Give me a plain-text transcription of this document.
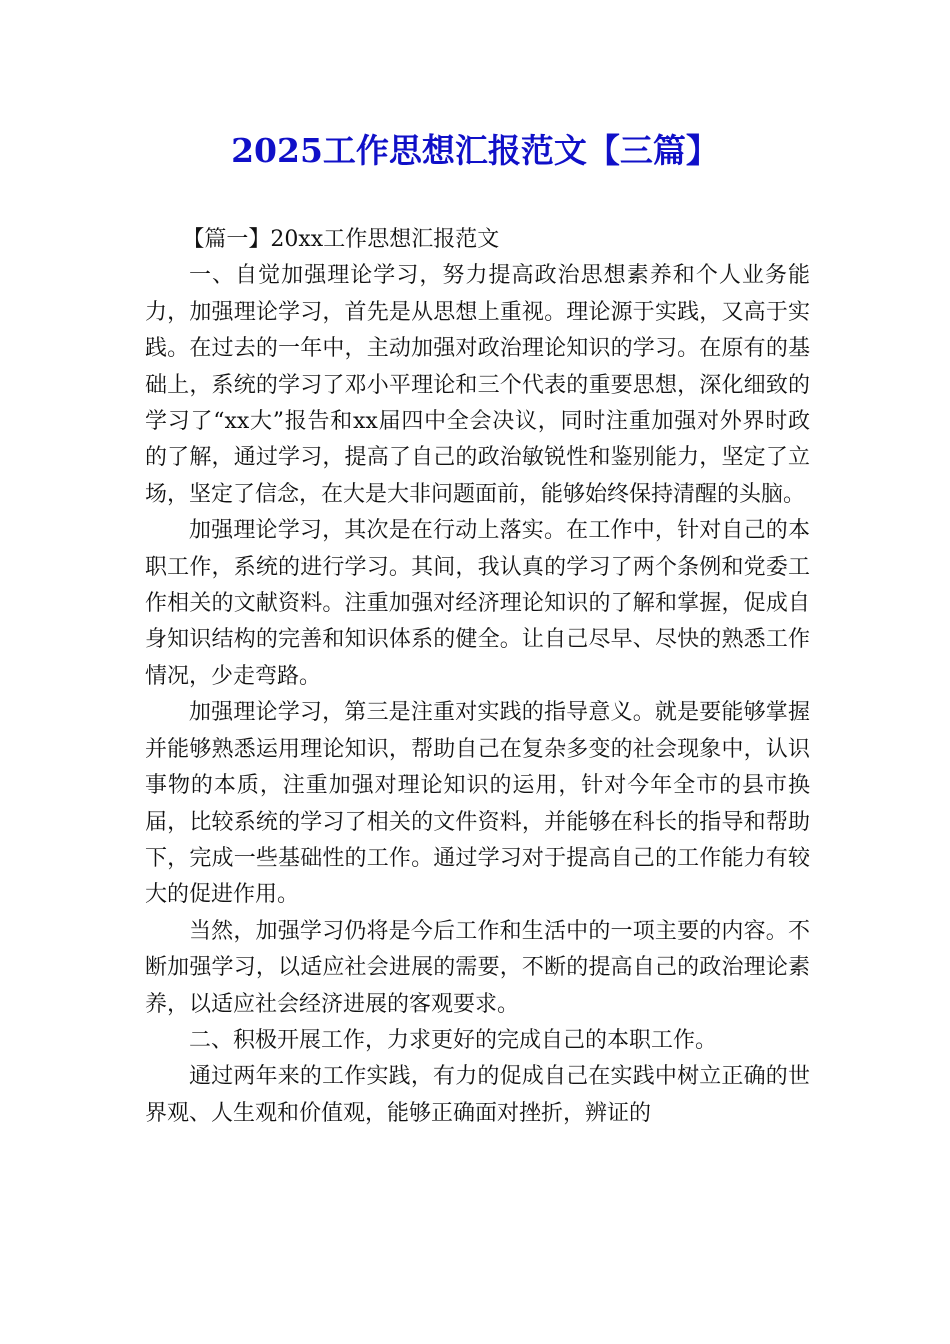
2025工作思想汇报范文【三篇】

【篇一】20xx工作思想汇报范文

一、自觉加强理论学习，努力提高政治思想素养和个人业务能力，加强理论学习，首先是从思想上重视。理论源于实践，又高于实践。在过去的一年中，主动加强对政治理论知识的学习。在原有的基础上，系统的学习了邓小平理论和三个代表的重要思想，深化细致的学习了“xx大”报告和xx届四中全会决议，同时注重加强对外界时政的了解，通过学习，提高了自己的政治敏锐性和鉴别能力，坚定了立场，坚定了信念，在大是大非问题面前，能够始终保持清醒的头脑。

加强理论学习，其次是在行动上落实。在工作中，针对自己的本职工作，系统的进行学习。其间，我认真的学习了两个条例和党委工作相关的文献资料。注重加强对经济理论知识的了解和掌握，促成自身知识结构的完善和知识体系的健全。让自己尽早、尽快的熟悉工作情况，少走弯路。

加强理论学习，第三是注重对实践的指导意义。就是要能够掌握并能够熟悉运用理论知识，帮助自己在复杂多变的社会现象中，认识事物的本质，注重加强对理论知识的运用，针对今年全市的县市换届，比较系统的学习了相关的文件资料，并能够在科长的指导和帮助下，完成一些基础性的工作。通过学习对于提高自己的工作能力有较大的促进作用。

当然，加强学习仍将是今后工作和生活中的一项主要的内容。不断加强学习，以适应社会进展的需要，不断的提高自己的政治理论素养，以适应社会经济进展的客观要求。

二、积极开展工作，力求更好的完成自己的本职工作。

通过两年来的工作实践，有力的促成自己在实践中树立正确的世界观、人生观和价值观，能够正确面对挫折，辨证的
